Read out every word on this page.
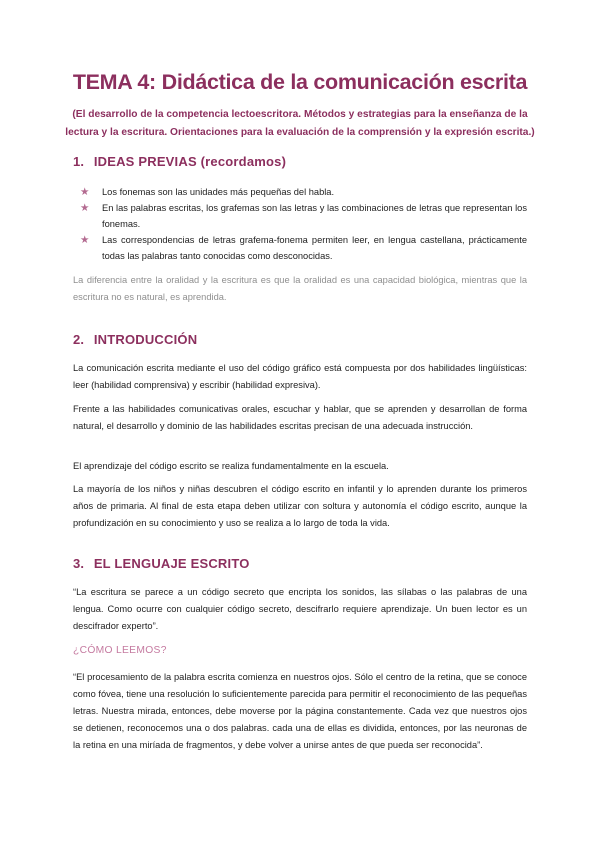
TEMA 4: Didáctica de la comunicación escrita
(El desarrollo de la competencia lectoescritora. Métodos y estrategias para la enseñanza de la lectura y la escritura. Orientaciones para la evaluación de la comprensión y la expresión escrita.)
1. IDEAS PREVIAS (recordamos)
★ Los fonemas son las unidades más pequeñas del habla.
★ En las palabras escritas, los grafemas son las letras y las combinaciones de letras que representan los fonemas.
★ Las correspondencias de letras grafema-fonema permiten leer, en lengua castellana, prácticamente todas las palabras tanto conocidas como desconocidas.

La diferencia entre la oralidad y la escritura es que la oralidad es una capacidad biológica, mientras que la escritura no es natural, es aprendida.

2. INTRODUCCIÓN

La comunicación escrita mediante el uso del código gráfico está compuesta por dos habilidades lingüísticas: leer (habilidad comprensiva) y escribir (habilidad expresiva).

Frente a las habilidades comunicativas orales, escuchar y hablar, que se aprenden y desarrollan de forma natural, el desarrollo y dominio de las habilidades escritas precisan de una adecuada instrucción.

El aprendizaje del código escrito se realiza fundamentalmente en la escuela.

La mayoría de los niños y niñas descubren el código escrito en infantil y lo aprenden durante los primeros años de primaria. Al final de esta etapa deben utilizar con soltura y autonomía el código escrito, aunque la profundización en su conocimiento y uso se realiza a lo largo de toda la vida.

3. EL LENGUAJE ESCRITO

“La escritura se parece a un código secreto que encripta los sonidos, las sílabas o las palabras de una lengua. Como ocurre con cualquier código secreto, descifrarlo requiere aprendizaje. Un buen lector es un descifrador experto”.

¿CÓMO LEEMOS?

“El procesamiento de la palabra escrita comienza en nuestros ojos. Sólo el centro de la retina, que se conoce como fóvea, tiene una resolución lo suficientemente parecida para permitir el reconocimiento de las pequeñas letras. Nuestra mirada, entonces, debe moverse por la página constantemente. Cada vez que nuestros ojos se detienen, reconocemos una o dos palabras. cada una de ellas es dividida, entonces, por las neuronas de la retina en una miríada de fragmentos, y debe volver a unirse antes de que pueda ser reconocida”.
